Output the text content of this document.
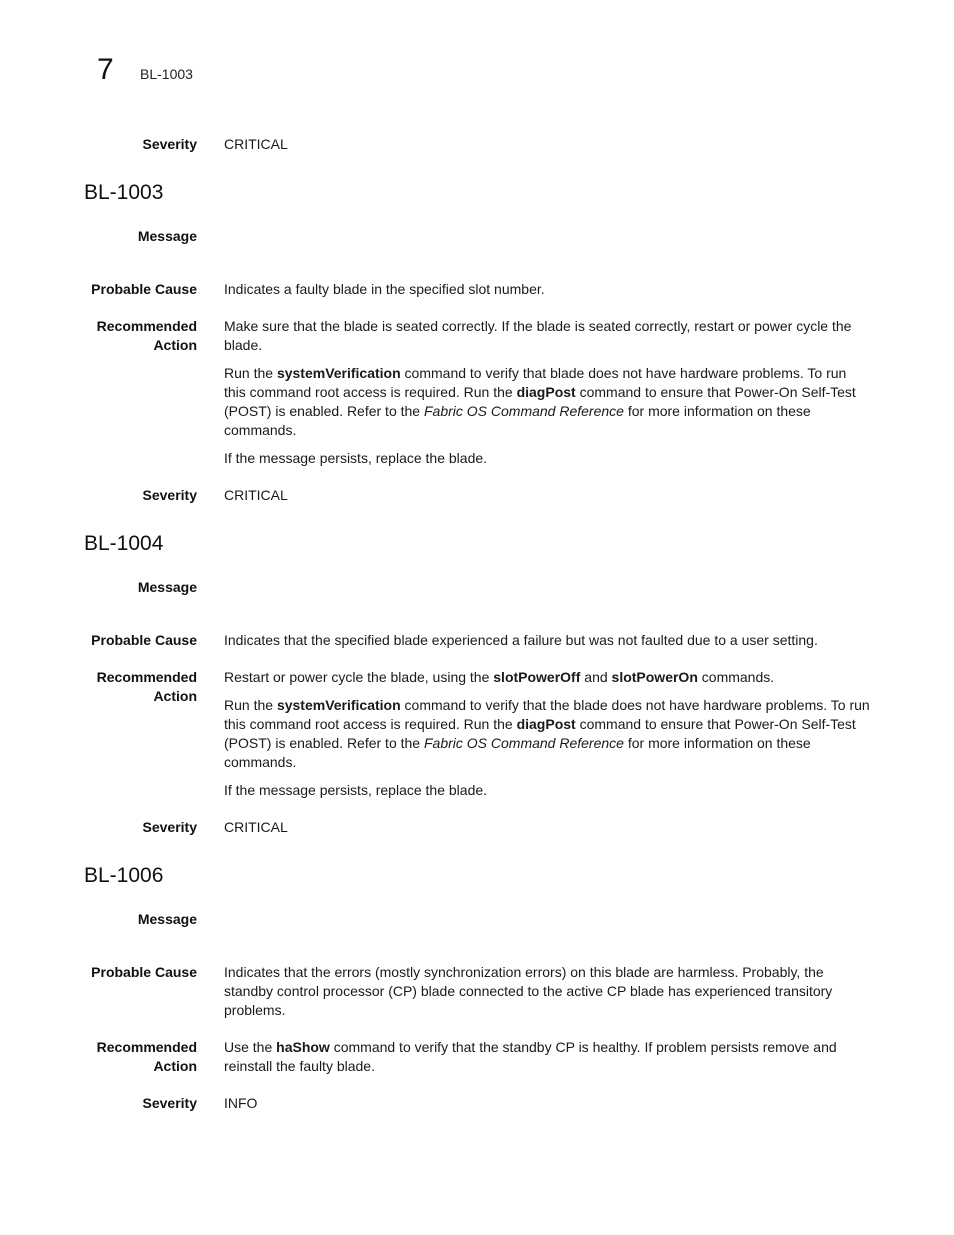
7 BL-1003
Severity CRITICAL
BL-1003
Message
Probable Cause Indicates a faulty blade in the specified slot number.
Recommended
Action

Make sure that the blade is seated correctly. If the blade is seated correctly, restart or power cycle the blade.

Run the systemVerification command to verify that blade does not have hardware problems. To run this command root access is required. Run the diagPost command to ensure that Power-On Self-Test (POST) is enabled. Refer to the Fabric OS Command Reference for more information on these commands.

If the message persists, replace the blade.

Severity CRITICAL
BL-1004
Message
Probable Cause Indicates that the specified blade experienced a failure but was not faulted due to a user setting.
Recommended
Action

Restart or power cycle the blade, using the slotPowerOff and slotPowerOn commands.

Run the systemVerification command to verify that the blade does not have hardware problems. To run this command root access is required. Run the diagPost command to ensure that Power-On Self-Test (POST) is enabled. Refer to the Fabric OS Command Reference for more information on these commands.

If the message persists, replace the blade.

Severity CRITICAL
BL-1006
Message
Probable Cause Indicates that the errors (mostly synchronization errors) on this blade are harmless. Probably, the standby control processor (CP) blade connected to the active CP blade has experienced transitory problems.
Recommended
Action

Use the haShow command to verify that the standby CP is healthy. If problem persists remove and reinstall the faulty blade.

Severity INFO
